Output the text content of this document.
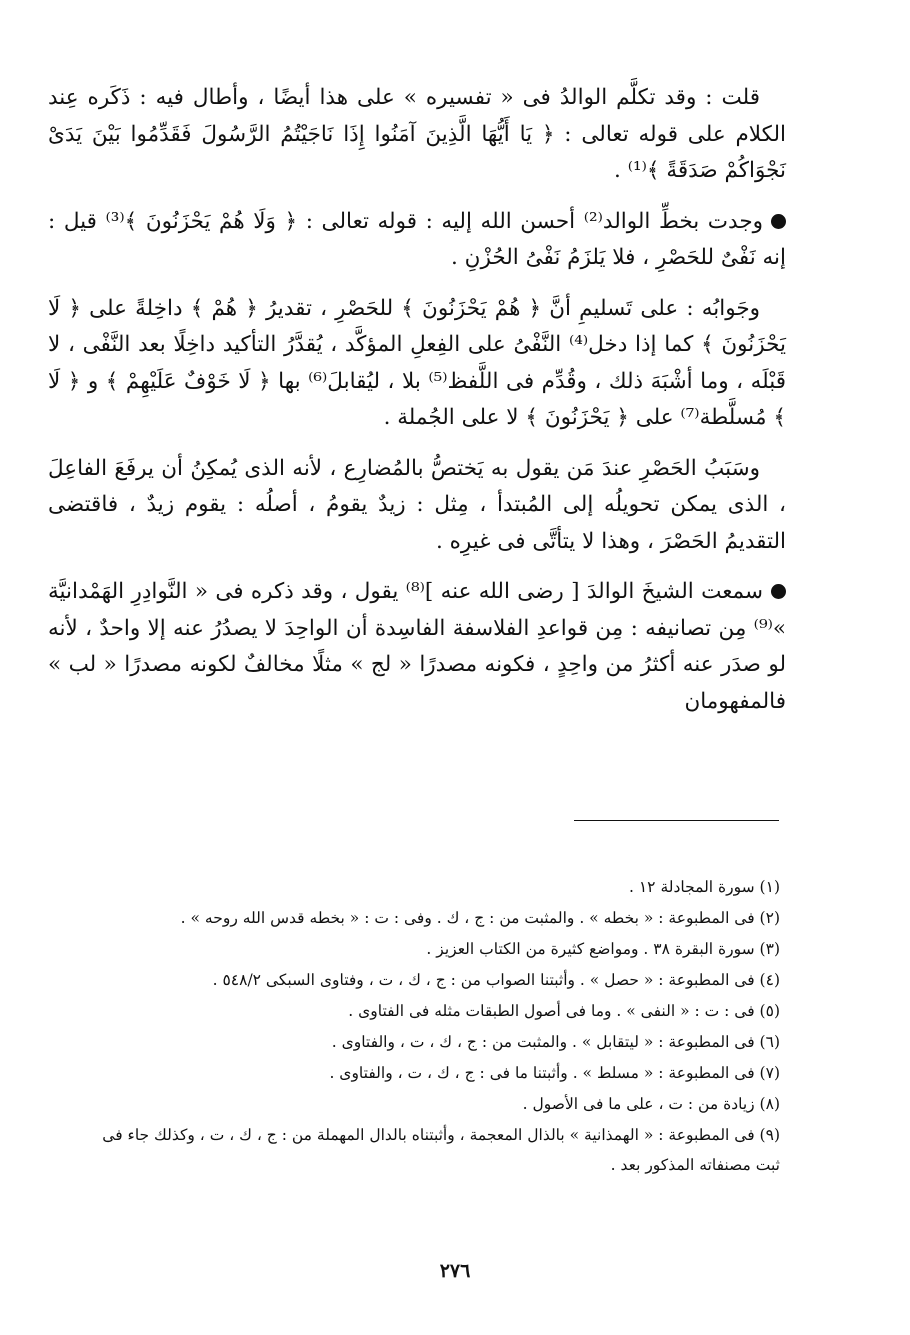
قلت : وقد تكلَّم الوالدُ فى « تفسيره » على هذا أيضًا ، وأطال فيه : ذَكَره عِند الكلام على قوله تعالى : ﴿ يَا أَيُّهَا الَّذِينَ آمَنُوا إِذَا نَاجَيْتُمُ الرَّسُولَ فَقَدِّمُوا بَيْنَ يَدَىْ نَجْوَاكُمْ صَدَقَةً ﴾⁽¹⁾ .

وجدت بخطِّ الوالد⁽²⁾ أحسن الله إليه : قوله تعالى : ﴿ وَلَا هُمْ يَحْزَنُونَ ﴾⁽³⁾ قيل : إنه نَفْىٌ للحَصْرِ ، فلا يَلزَمُ نَفْىُ الحُزْنِ .

وجَوابُه : على تَسليمِ أنَّ ﴿ هُمْ يَحْزَنُونَ ﴾ للحَصْرِ ، تقديرُ ﴿ هُمْ ﴾ داخِلةً على ﴿ لَا يَحْزَنُونَ ﴾ كما إذا دخل⁽⁴⁾ النَّفْىُ على الفِعلِ المؤكَّد ، يُقدَّرُ التأكيد داخِلًا بعد النَّفْى ، لا قَبْلَه ، وما أشْبَهَ ذلك ، وقُدِّم فى اللَّفظ⁽⁵⁾ بلا ، ليُقابلَ⁽⁶⁾ بها ﴿ لَا خَوْفٌ عَلَيْهِمْ ﴾ و ﴿ لَا ﴾ مُسلَّطة⁽⁷⁾ على ﴿ يَحْزَنُونَ ﴾ لا على الجُملة .

وسَبَبُ الحَصْرِ عندَ مَن يقول به يَختصُّ بالمُضارِع ، لأنه الذى يُمكِنُ أن يرفَعَ الفاعِلَ ، الذى يمكن تحويلُه إلى المُبتدأ ، مِثل : زيدٌ يقومُ ، أصلُه : يقوم زيدٌ ، فاقتضى التقديمُ الحَصْرَ ، وهذا لا يتأتَّى فى غيرِه .

سمعت الشيخَ الوالدَ [ رضى الله عنه ]⁽⁸⁾ يقول ، وقد ذكره فى « النَّوادِرِ الهَمْدانيَّة »⁽⁹⁾ مِن تصانيفه : مِن قواعدِ الفلاسفة الفاسِدة أن الواحِدَ لا يصدُرُ عنه إلا واحدٌ ، لأنه لو صدَر عنه أكثرُ من واحِدٍ ، فكونه مصدرًا « لج » مثلًا مخالفٌ لكونه مصدرًا « لب » فالمفهومان

(١) سورة المجادلة ١٢ .

(٢) فى المطبوعة : « بخطه » . والمثبت من : ج ، ك . وفى : ت : « بخطه قدس الله روحه » .

(٣) سورة البقرة ٣٨ . ومواضع كثيرة من الكتاب العزيز .

(٤) فى المطبوعة : « حصل » . وأثبتنا الصواب من : ج ، ك ، ت ، وفتاوى السبكى ٥٤٨/٢ .

(٥) فى : ت : « النفى » . وما فى أصول الطبقات مثله فى الفتاوى .

(٦) فى المطبوعة : « ليتقابل » . والمثبت من : ج ، ك ، ت ، والفتاوى .

(٧) فى المطبوعة : « مسلط » . وأثبتنا ما فى : ج ، ك ، ت ، والفتاوى .

(٨) زيادة من : ت ، على ما فى الأصول .

(٩) فى المطبوعة : « الهمذانية » بالذال المعجمة ، وأثبتناه بالدال المهملة من : ج ، ك ، ت ، وكذلك جاء فى ثبت مصنفاته المذكور بعد .

٢٧٦
